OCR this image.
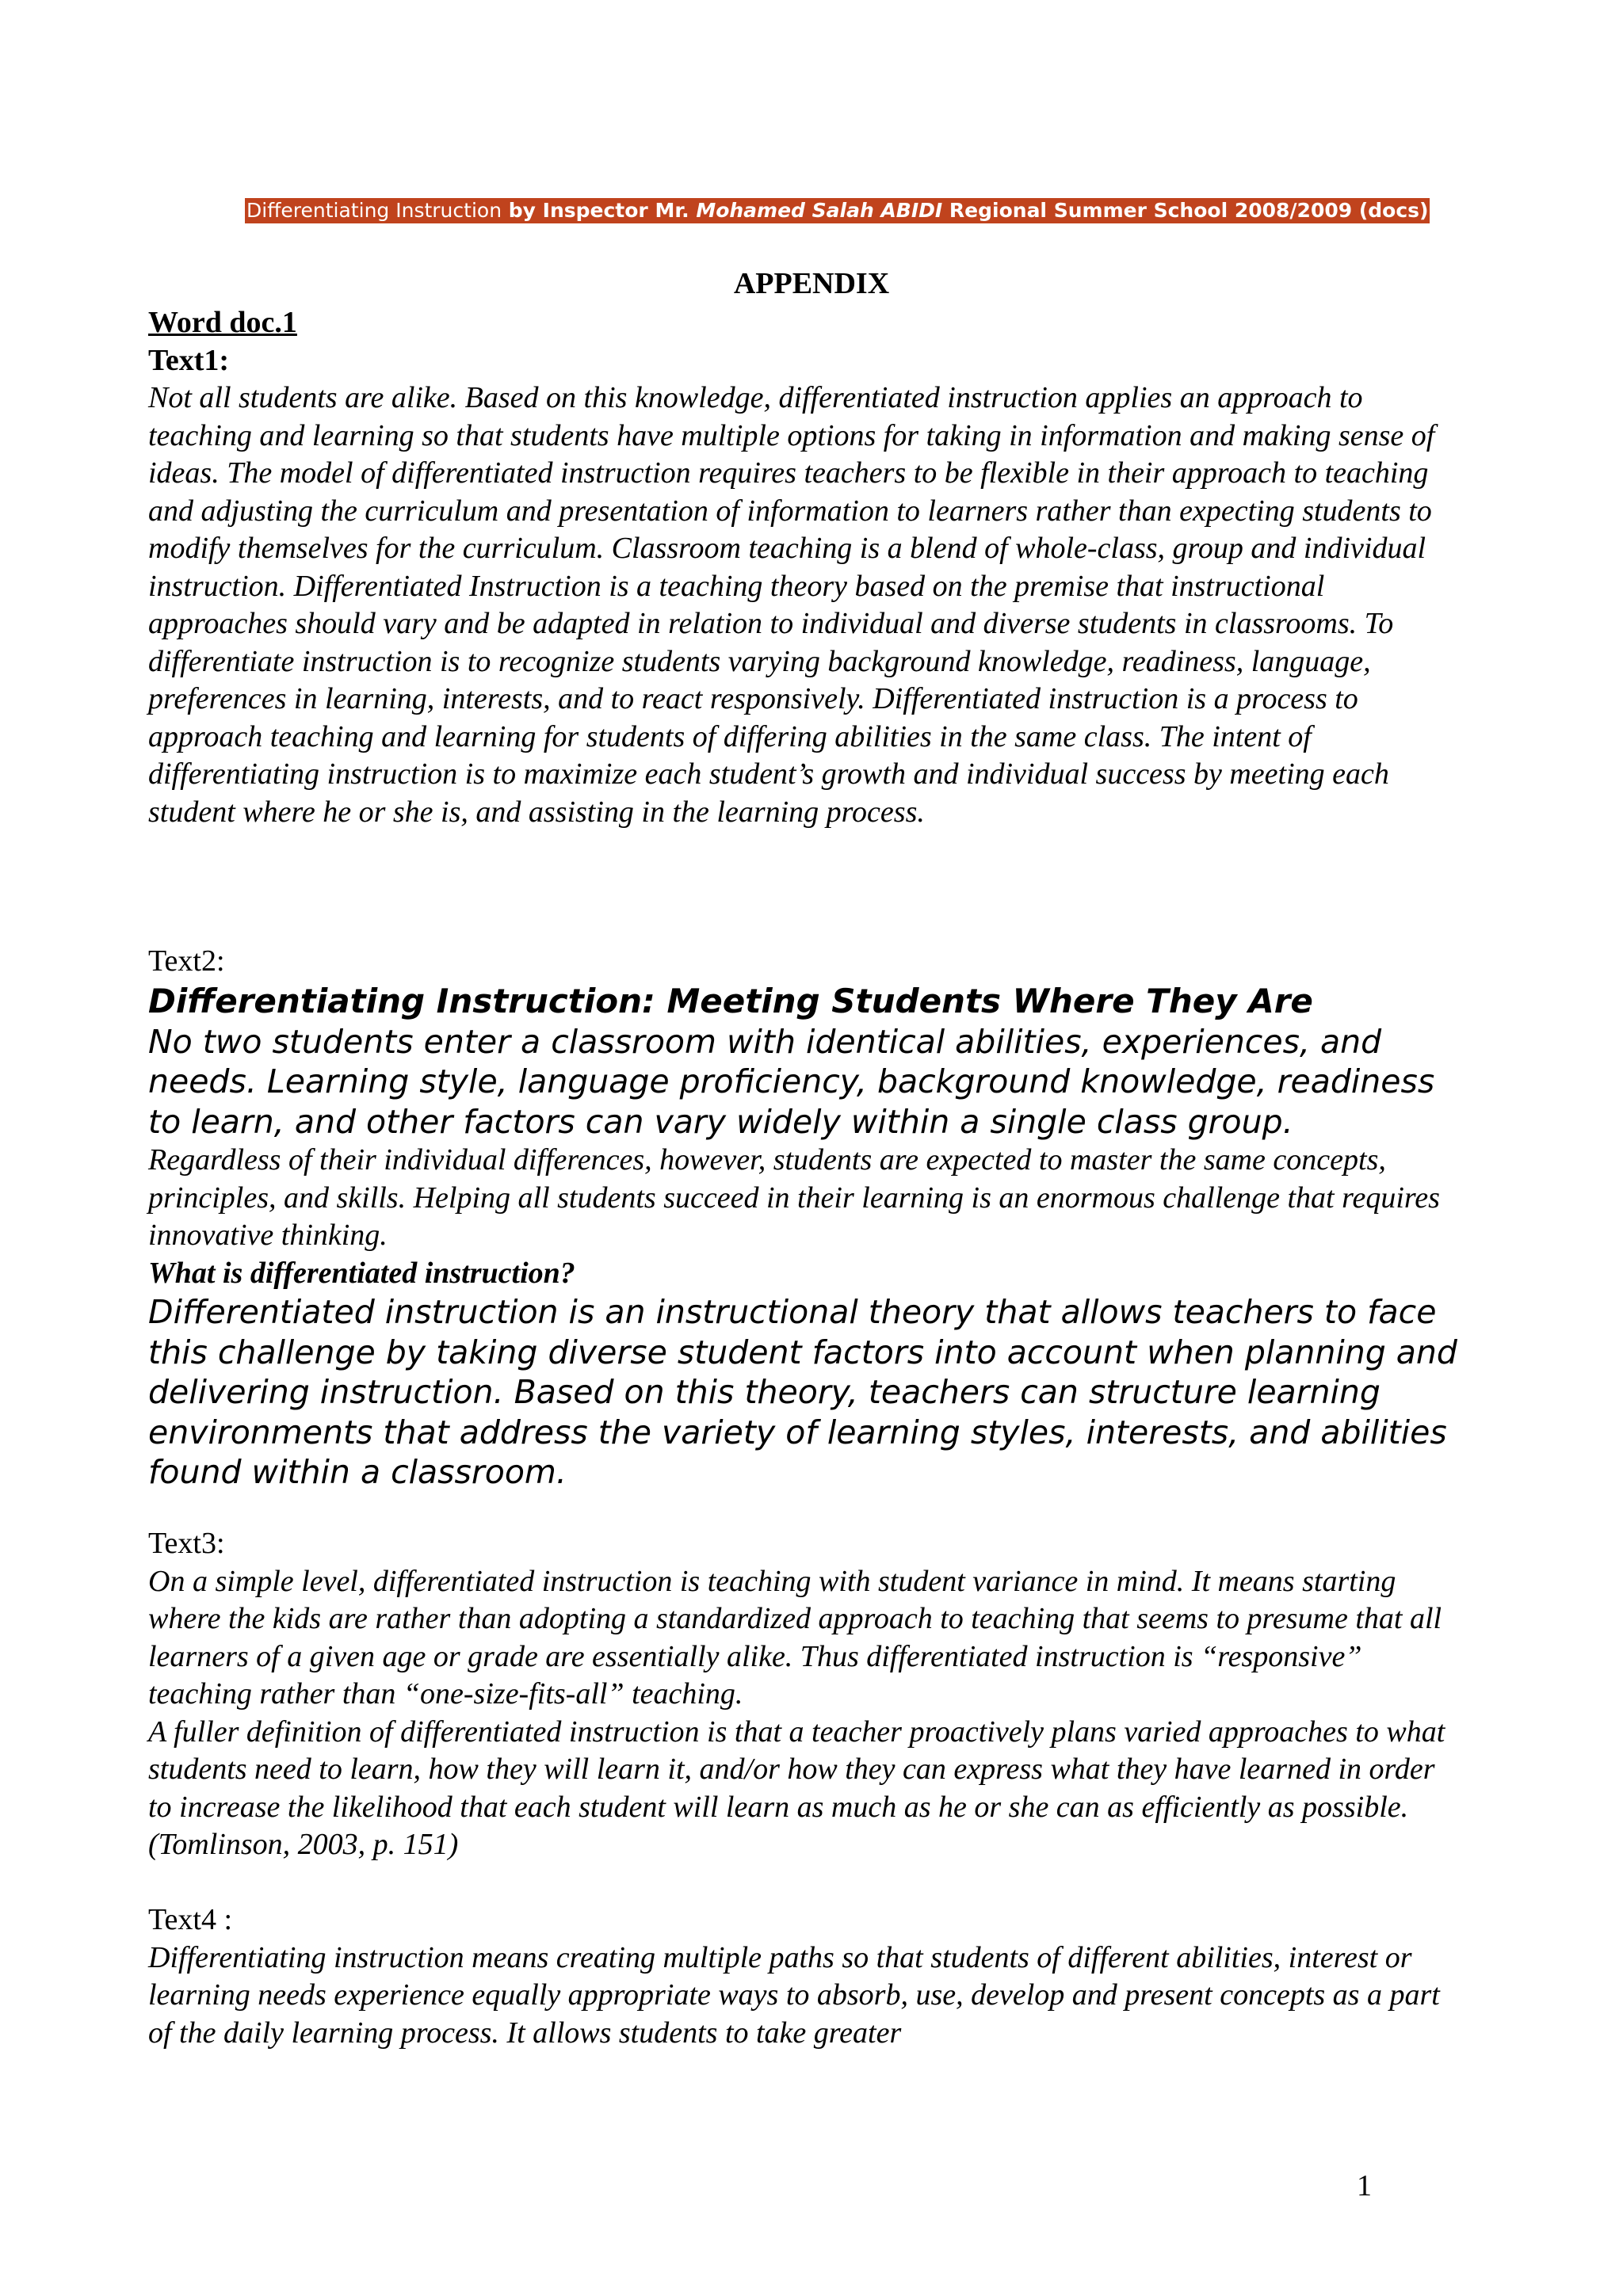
Differentiating Instruction by Inspector Mr. Mohamed Salah ABIDI Regional Summer School 2008/2009 (docs)
APPENDIX

Word doc.1

Text1:

Not all students are alike. Based on this knowledge, differentiated instruction applies an approach to teaching and learning so that students have multiple options for taking in information and making sense of ideas. The model of differentiated instruction requires teachers to be flexible in their approach to teaching and adjusting the curriculum and presentation of information to learners rather than expecting students to modify themselves for the curriculum. Classroom teaching is a blend of whole-class, group and individual instruction. Differentiated Instruction is a teaching theory based on the premise that instructional approaches should vary and be adapted in relation to individual and diverse students in classrooms. To differentiate instruction is to recognize students varying background knowledge, readiness, language, preferences in learning, interests, and to react responsively. Differentiated instruction is a process to approach teaching and learning for students of differing abilities in the same class. The intent of differentiating instruction is to maximize each student’s growth and individual success by meeting each student where he or she is, and assisting in the learning process.

Text2:

Differentiating Instruction: Meeting Students Where They Are

No two students enter a classroom with identical abilities, experiences, and needs. Learning style, language proficiency, background knowledge, readiness to learn, and other factors can vary widely within a single class group.

Regardless of their individual differences, however, students are expected to master the same concepts, principles, and skills. Helping all students succeed in their learning is an enormous challenge that requires innovative thinking.

What is differentiated instruction?

Differentiated instruction is an instructional theory that allows teachers to face this challenge by taking diverse student factors into account when planning and delivering instruction. Based on this theory, teachers can structure learning environments that address the variety of learning styles, interests, and abilities found within a classroom.

Text3:

On a simple level, differentiated instruction is teaching with student variance in mind. It means starting where the kids are rather than adopting a standardized approach to teaching that seems to presume that all learners of a given age or grade are essentially alike. Thus differentiated instruction is “responsive” teaching rather than “one-size-fits-all” teaching.

A fuller definition of differentiated instruction is that a teacher proactively plans varied approaches to what students need to learn, how they will learn it, and/or how they can express what they have learned in order to increase the likelihood that each student will learn as much as he or she can as efficiently as possible. (Tomlinson, 2003, p. 151)

Text4 :

Differentiating instruction means creating multiple paths so that students of different abilities, interest or learning needs experience equally appropriate ways to absorb, use, develop and present concepts as a part of the daily learning process. It allows students to take greater

1
